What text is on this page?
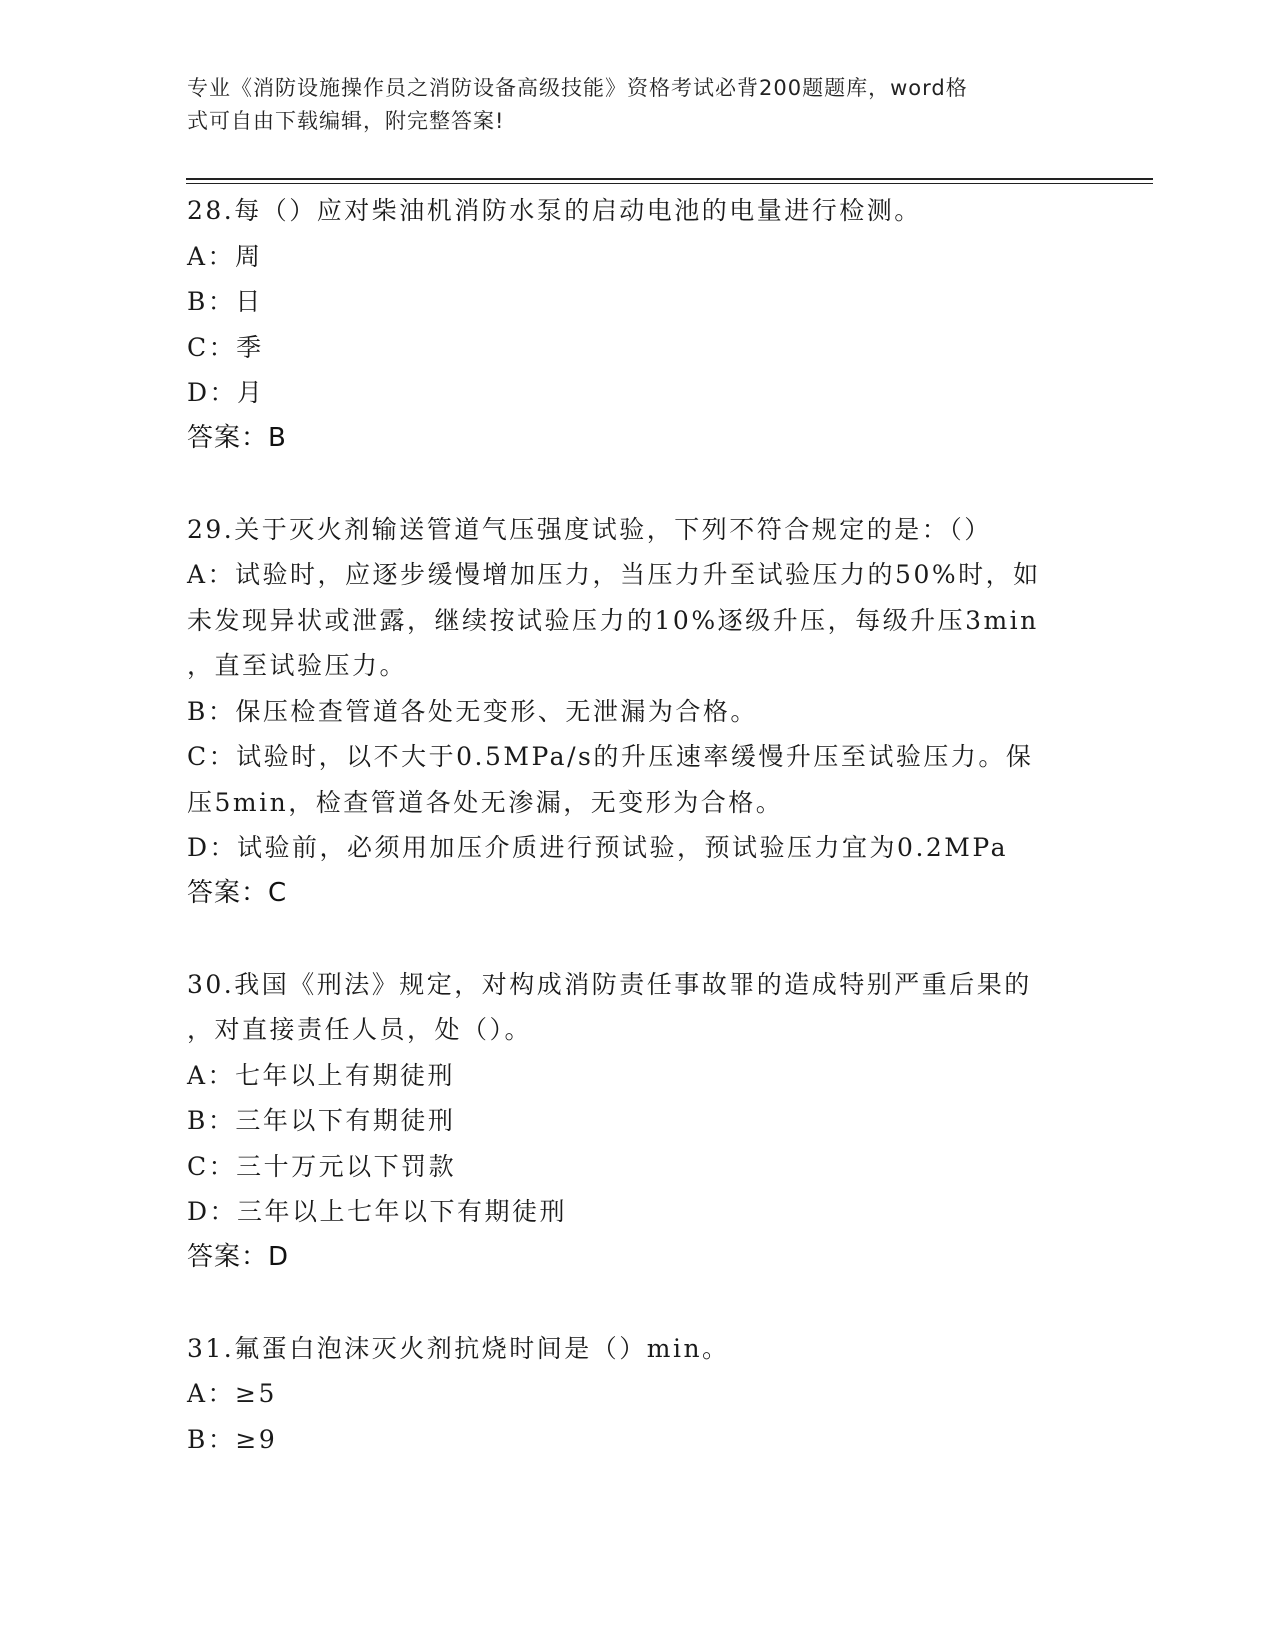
专业《消防设施操作员之消防设备高级技能》资格考试必背200题题库，word格
式可自由下载编辑，附完整答案!
28.每（）应对柴油机消防水泵的启动电池的电量进行检测。
A：周
B：日
C：季
D：月
答案：B
29.关于灭火剂输送管道气压强度试验，下列不符合规定的是：（）
A：试验时，应逐步缓慢增加压力，当压力升至试验压力的50%时，如
未发现异状或泄露，继续按试验压力的10%逐级升压，每级升压3min
，直至试验压力。
B：保压检查管道各处无变形、无泄漏为合格。
C：试验时，以不大于0.5MPa/s的升压速率缓慢升压至试验压力。保
压5min，检查管道各处无渗漏，无变形为合格。
D：试验前，必须用加压介质进行预试验，预试验压力宜为0.2MPa
答案：C
30.我国《刑法》规定，对构成消防责任事故罪的造成特别严重后果的
，对直接责任人员，处（）。
A：七年以上有期徒刑
B：三年以下有期徒刑
C：三十万元以下罚款
D：三年以上七年以下有期徒刑
答案：D
31.氟蛋白泡沫灭火剂抗烧时间是（）min。
A：≥5
B：≥9
